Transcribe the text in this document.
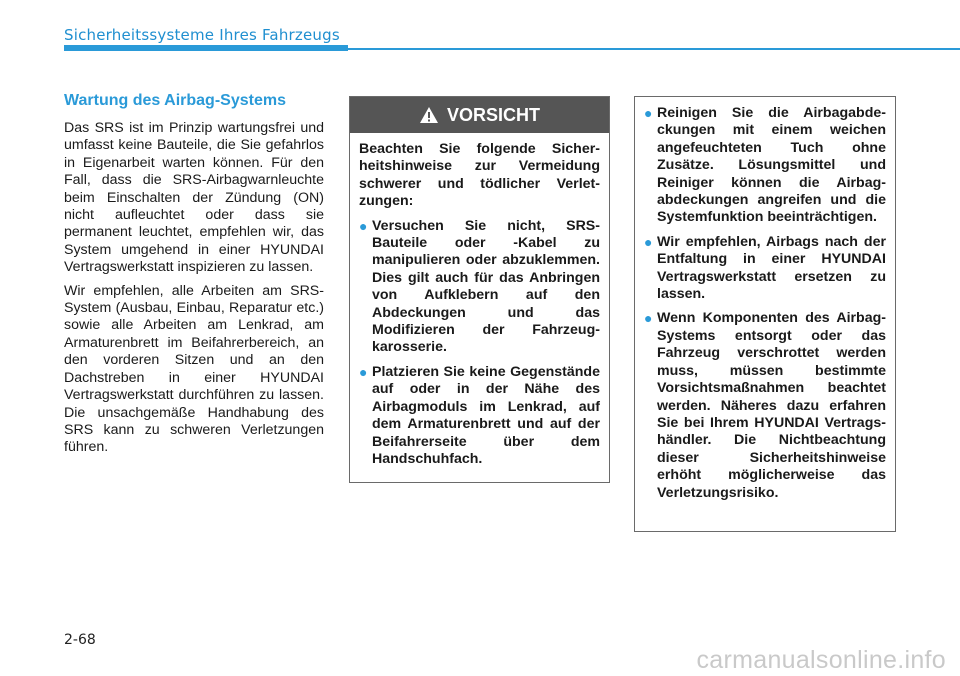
Sicherheitssysteme Ihres Fahrzeugs
Wartung des Airbag-Systems

Das SRS ist im Prinzip wartungsfrei und umfasst keine Bauteile, die Sie gefahrlos in Eigenarbeit warten können. Für den Fall, dass die SRS-Airbagwarnleuchte beim Einschalten der Zündung (ON) nicht aufleuchtet oder dass sie permanent leuchtet, empfehlen wir, das System umgehend in einer HYUNDAI Vertragswerkstatt inspizieren zu lassen.

Wir empfehlen, alle Arbeiten am SRS-System (Ausbau, Einbau, Reparatur etc.) sowie alle Arbeiten am Lenkrad, am Armaturenbrett im Beifahrerbereich, an den vorderen Sitzen und an den Dachstreben in einer HYUNDAI Vertragswerkstatt durchführen zu lassen. Die unsachgemäße Handhabung des SRS kann zu schweren Verletzungen führen.

VORSICHT

Beachten Sie folgende Sicherheitshinweise zur Vermeidung schwerer und tödlicher Verletzungen:

● Versuchen Sie nicht, SRS-Bauteile oder -Kabel zu manipulieren oder abzuklemmen. Dies gilt auch für das Anbringen von Aufklebern auf den Abdeckungen und das Modifizieren der Fahrzeugkarosserie.
● Platzieren Sie keine Gegenstände auf oder in der Nähe des Airbagmoduls im Lenkrad, auf dem Armaturenbrett und auf der Beifahrerseite über dem Handschuhfach.
● Reinigen Sie die Airbagabdeckungen mit einem weichen angefeuchteten Tuch ohne Zusätze. Lösungsmittel und Reiniger können die Airbagabdeckungen angreifen und die Systemfunktion beeinträchtigen.
● Wir empfehlen, Airbags nach der Entfaltung in einer HYUNDAI Vertragswerkstatt ersetzen zu lassen.
● Wenn Komponenten des Airbag- Systems entsorgt oder das Fahrzeug verschrottet werden muss, müssen bestimmte Vorsichtsmaßnahmen beachtet werden. Näheres dazu erfahren Sie bei Ihrem HYUNDAI Vertragshändler. Die Nichtbeachtung dieser Sicherheitshinweise erhöht möglicherweise das Verletzungsrisiko.
2-68
carmanualsonline.info
